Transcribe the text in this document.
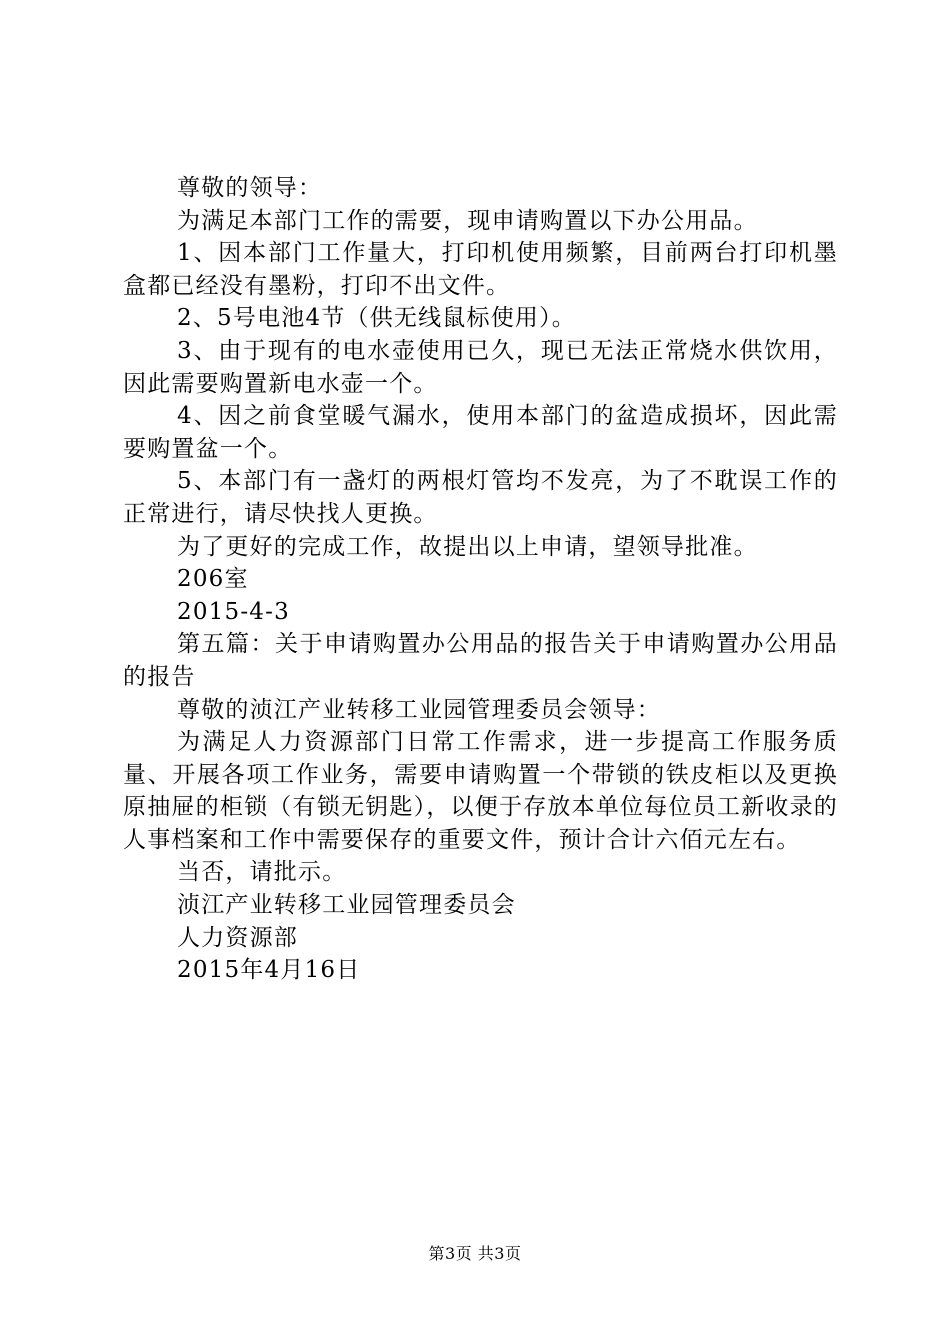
尊敬的领导：

为满足本部门工作的需要，现申请购置以下办公用品。

1、因本部门工作量大，打印机使用频繁，目前两台打印机墨盒都已经没有墨粉，打印不出文件。

2、5号电池4节（供无线鼠标使用）。

3、由于现有的电水壶使用已久，现已无法正常烧水供饮用，因此需要购置新电水壶一个。

4、因之前食堂暖气漏水，使用本部门的盆造成损坏，因此需要购置盆一个。

5、本部门有一盏灯的两根灯管均不发亮，为了不耽误工作的正常进行，请尽快找人更换。

为了更好的完成工作，故提出以上申请，望领导批准。

206室

2015-4-3

第五篇：关于申请购置办公用品的报告关于申请购置办公用品的报告

尊敬的浈江产业转移工业园管理委员会领导：

为满足人力资源部门日常工作需求，进一步提高工作服务质量、开展各项工作业务，需要申请购置一个带锁的铁皮柜以及更换原抽屉的柜锁（有锁无钥匙），以便于存放本单位每位员工新收录的人事档案和工作中需要保存的重要文件，预计合计六佰元左右。

当否，请批示。

浈江产业转移工业园管理委员会

人力资源部

2015年4月16日

第3页 共3页
